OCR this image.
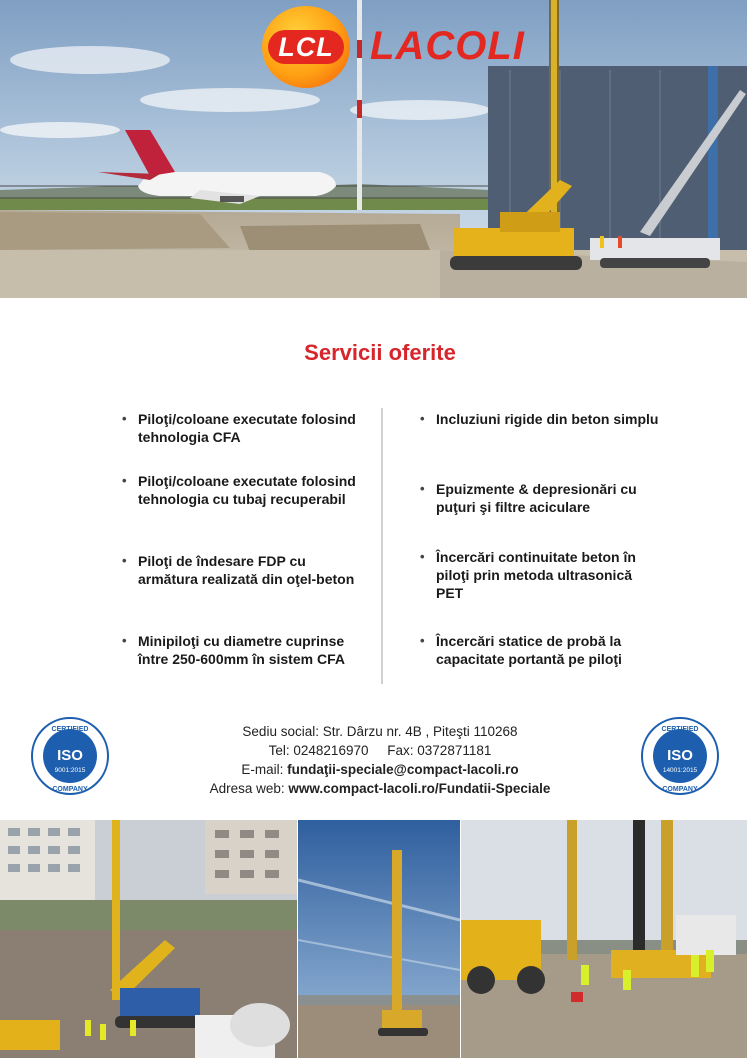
LCL LACOLI
Servicii oferite
• Piloţi/coloane executate folosind tehnologia CFA
• Piloţi/coloane executate folosind tehnologia cu tubaj recuperabil
• Piloţi de îndesare FDP cu armătura realizată din oţel-beton
• Minipiloţi cu diametre cuprinse între 250-600mm în sistem CFA
• Incluziuni rigide din beton simplu
• Epuizmente & depresionări cu puţuri şi filtre aciculare
• Încercări continuitate beton în piloţi prin metoda ultrasonică PET
• Încercări statice de probă la capacitate portantă pe piloţi
CERTIFIED
ISO
9001:2015
COMPANY
CERTIFIED
ISO
14001:2015
COMPANY
Sediu social: Str. Dârzu nr. 4B , Piteşti 110268
Tel: 0248216970 Fax: 0372871181
E-mail: fundaţii-speciale@compact-lacoli.ro
Adresa web: www.compact-lacoli.ro/Fundatii-Speciale
